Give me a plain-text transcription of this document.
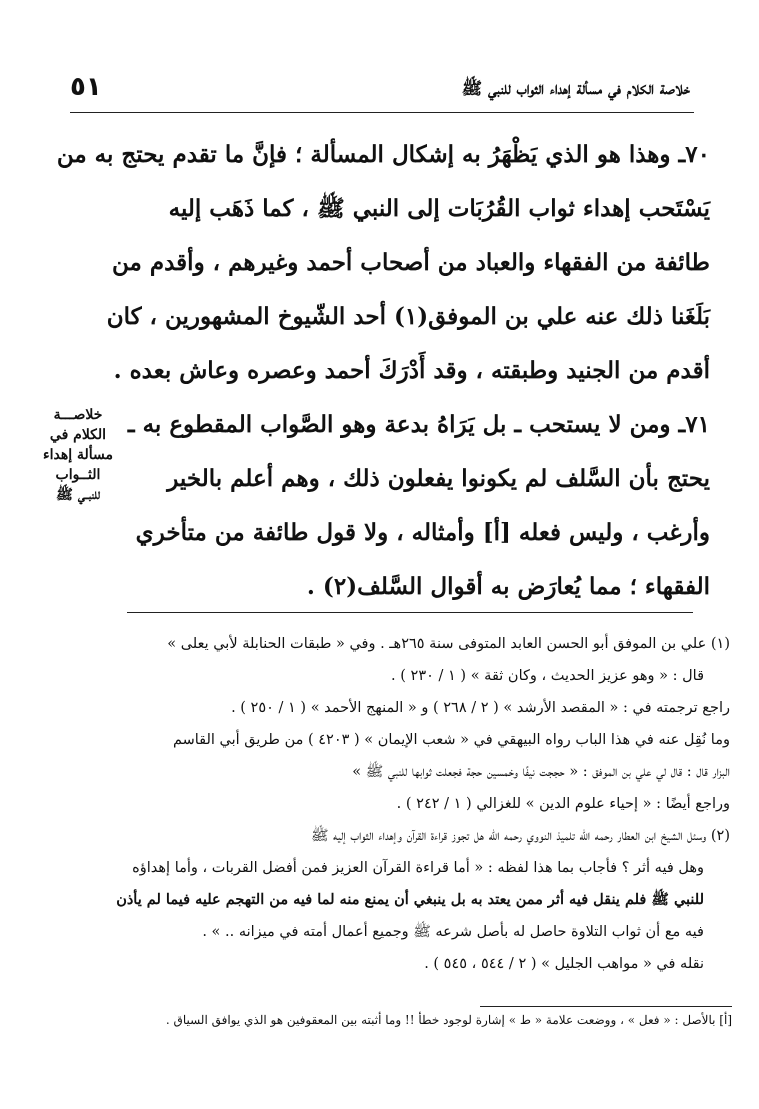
٥١	خلاصة الكلام في مسألة إهداء الثواب للنبي ﷺ
خلاصـــة
الكلام في
مسألة إهداء
الثــواب
للنبــي ﷺ
٧٠ـ وهذا هو الذي يَظْهَرُ به إشكال المسألة ؛ فإنَّ ما تقدم يحتج به من
يَسْتَحب إهداء ثواب القُرُبَات إلى النبي ﷺ ، كما ذَهَب إليه
طائفة من الفقهاء والعباد من أصحاب أحمد وغيرهم ، وأقدم من
بَلَغَنا ذلك عنه علي بن الموفق(١) أحد الشّيوخ المشهورين ، كان
أقدم من الجنيد وطبقته ، وقد أَدْرَكَ أحمد وعصره وعاش بعده .
٧١ـ ومن لا يستحب ـ بل يَرَاهُ بدعة وهو الصَّواب المقطوع به ـ
يحتج بأن السَّلف لم يكونوا يفعلون ذلك ، وهم أعلم بالخير
وأرغب ، وليس فعله [أ] وأمثاله ، ولا قول طائفة من متأخري
الفقهاء ؛ مما يُعارَض به أقوال السَّلف(٢) .
(١) علي بن الموفق أبو الحسن العابد المتوفى سنة ٢٦٥هـ . وفي « طبقات الحنابلة لأبي يعلى »
قال : « وهو عزيز الحديث ، وكان ثقة » ( ١ / ٢٣٠ ) .
راجع ترجمته في : « المقصد الأرشد » ( ٢ / ٢٦٨ ) و « المنهج الأحمد » ( ١ / ٢٥٠ ) .
وما نُقِل عنه في هذا الباب رواه البيهقي في « شعب الإيمان » ( ٤٢٠٣ ) من طريق أبي القاسم
البزار قال : قال لي علي بن الموفق : « حججت نيفًا وخمسين حجة فجعلت ثوابها للنبي ﷺ »
وراجع أيضًا : « إحياء علوم الدين » للغزالي ( ١ / ٢٤٢ ) .
(٢) وسئل الشيخ ابن العطار رحمه الله تلميذ النووي رحمه الله هل تجوز قراءة القرآن وإهداء الثواب إليه ﷺ
وهل فيه أثر ؟ فأجاب بما هذا لفظه : « أما قراءة القرآن العزيز فمن أفضل القربات ، وأما إهداؤه
للنبي ﷺ فلم ينقل فيه أثر ممن يعتد به بل ينبغي أن يمنع منه لما فيه من التهجم عليه فيما لم يأذن
فيه مع أن ثواب التلاوة حاصل له بأصل شرعه ﷺ وجميع أعمال أمته في ميزانه .. » .
نقله في « مواهب الجليل » ( ٢ / ٥٤٤ ، ٥٤٥ ) .
[أ] بالأصل : « فعل » ، ووضعت علامة « ط » إشارة لوجود خطأ !! وما أثبته بين المعقوفين هو الذي يوافق السياق .
